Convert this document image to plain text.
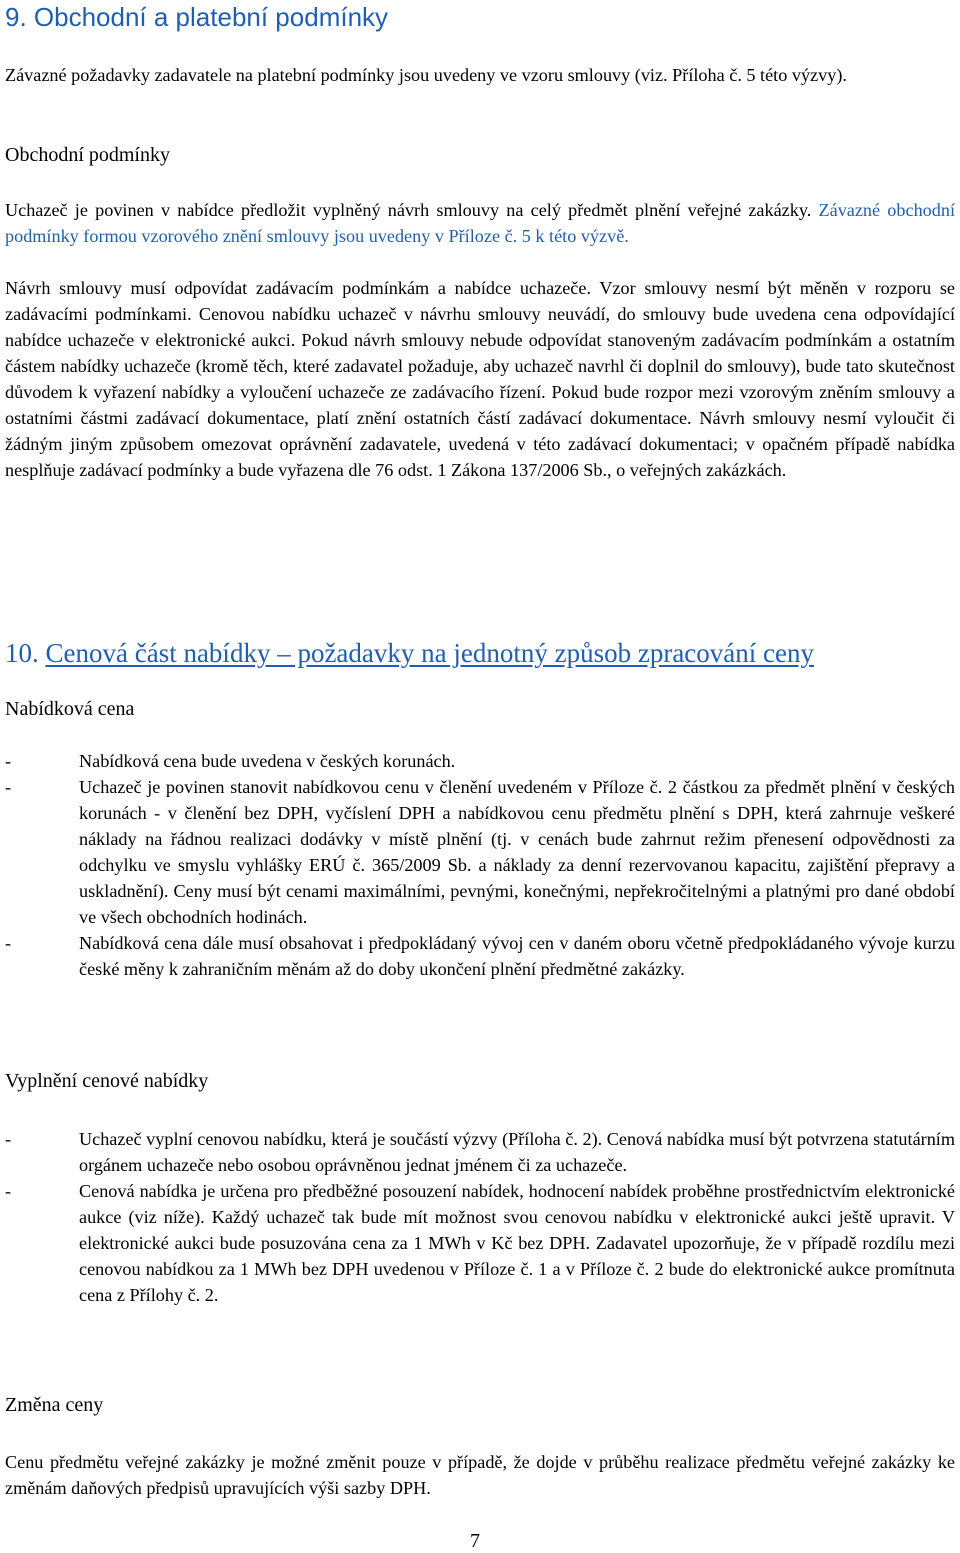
9. Obchodní a platební podmínky
Závazné požadavky zadavatele na platební podmínky jsou uvedeny ve vzoru smlouvy (viz. Příloha č. 5 této výzvy).
Obchodní podmínky
Uchazeč je povinen v nabídce předložit vyplněný návrh smlouvy na celý předmět plnění veřejné zakázky. Závazné obchodní podmínky formou vzorového znění smlouvy jsou uvedeny v Příloze č. 5 k této výzvě.
Návrh smlouvy musí odpovídat zadávacím podmínkám a nabídce uchazeče. Vzor smlouvy nesmí být měněn v rozporu se zadávacími podmínkami. Cenovou nabídku uchazeč v návrhu smlouvy neuvádí, do smlouvy bude uvedena cena odpovídající nabídce uchazeče v elektronické aukci. Pokud návrh smlouvy nebude odpovídat stanoveným zadávacím podmínkám a ostatním částem nabídky uchazeče (kromě těch, které zadavatel požaduje, aby uchazeč navrhl či doplnil do smlouvy), bude tato skutečnost důvodem k vyřazení nabídky a vyloučení uchazeče ze zadávacího řízení. Pokud bude rozpor mezi vzorovým zněním smlouvy a ostatními částmi zadávací dokumentace, platí znění ostatních částí zadávací dokumentace. Návrh smlouvy nesmí vyloučit či žádným jiným způsobem omezovat oprávnění zadavatele, uvedená v této zadávací dokumentaci; v opačném případě nabídka nesplňuje zadávací podmínky a bude vyřazena dle 76 odst. 1 Zákona 137/2006 Sb., o veřejných zakázkách.
10. Cenová část nabídky – požadavky na jednotný způsob zpracování ceny
Nabídková cena
-	Nabídková cena bude uvedena v českých korunách.
-	Uchazeč je povinen stanovit nabídkovou cenu v členění uvedeném v Příloze č. 2 částkou za předmět plnění v českých korunách - v členění bez DPH, vyčíslení DPH a nabídkovou cenu předmětu plnění s DPH, která zahrnuje veškeré náklady na řádnou realizaci dodávky v místě plnění (tj. v cenách bude zahrnut režim přenesení odpovědnosti za odchylku ve smyslu vyhlášky ERÚ č. 365/2009 Sb. a náklady za denní rezervovanou kapacitu, zajištění přepravy a uskladnění). Ceny musí být cenami maximálními, pevnými, konečnými, nepřekročitelnými a platnými pro dané období ve všech obchodních hodinách.
-	Nabídková cena dále musí obsahovat i předpokládaný vývoj cen v daném oboru včetně předpokládaného vývoje kurzu české měny k zahraničním měnám až do doby ukončení plnění předmětné zakázky.
Vyplnění cenové nabídky
-	Uchazeč vyplní cenovou nabídku, která je součástí výzvy (Příloha č. 2). Cenová nabídka musí být potvrzena statutárním orgánem uchazeče nebo osobou oprávněnou jednat jménem či za uchazeče.
-	Cenová nabídka je určena pro předběžné posouzení nabídek, hodnocení nabídek proběhne prostřednictvím elektronické aukce (viz níže). Každý uchazeč tak bude mít možnost svou cenovou nabídku v elektronické aukci ještě upravit. V elektronické aukci bude posuzována cena za 1 MWh v Kč bez DPH. Zadavatel upozorňuje, že v případě rozdílu mezi cenovou nabídkou za 1 MWh bez DPH uvedenou v Příloze č. 1 a v Příloze č. 2 bude do elektronické aukce promítnuta cena z Přílohy č. 2.
Změna ceny
Cenu předmětu veřejné zakázky je možné změnit pouze v případě, že dojde v průběhu realizace předmětu veřejné zakázky ke změnám daňových předpisů upravujících výši sazby DPH.
7
